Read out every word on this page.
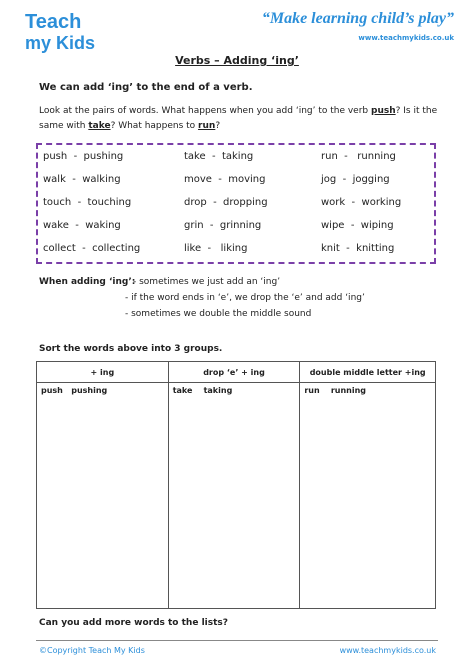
Teach
my Kids
“Make learning child’s play”
www.teachmykids.co.uk
Verbs – Adding ‘ing’
We can add ‘ing’ to the end of a verb.
Look at the pairs of words. What happens when you add ‘ing’ to the verb push? Is it the same with take? What happens to run?
push  -  pushing	take  -  taking	run  -   running
walk  -  walking	move  -  moving	jog  -  jogging
touch  -  touching	drop  -  dropping	work  -  working
wake  -  waking	grin  -  grinning	wipe  -  wiping
collect  -  collecting	like  -   liking	knit  -  knitting
When adding ‘ing’:
- sometimes we just add an ‘ing’
- if the word ends in ‘e’, we drop the ‘e’ and add ‘ing’
- sometimes we double the middle sound
Sort the words above into 3 groups.
+ ing	drop ‘e’ + ing	double middle letter +ing
push   pushing	take    taking	run    running
Can you add more words to the lists?
©Copyright Teach My Kids	www.teachmykids.co.uk
